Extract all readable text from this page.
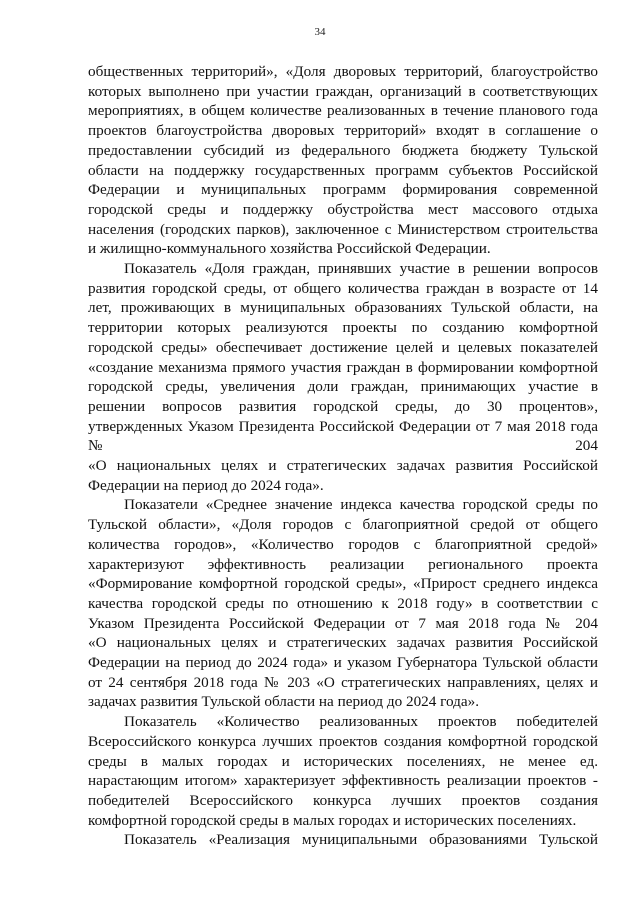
34
общественных территорий», «Доля дворовых территорий, благоустройство
которых выполнено при участии граждан, организаций в соответствующих
мероприятиях, в общем количестве реализованных в течение планового года
проектов благоустройства дворовых территорий» входят в соглашение о
предоставлении субсидий из федерального бюджета бюджету Тульской
области на поддержку государственных программ субъектов Российской
Федерации и муниципальных программ формирования современной
городской среды и поддержку обустройства мест массового отдыха
населения (городских парков), заключенное с Министерством строительства
и жилищно-коммунального хозяйства Российской Федерации.
Показатель «Доля граждан, принявших участие в решении вопросов
развития городской среды, от общего количества граждан в возрасте от 14
лет, проживающих в муниципальных образованиях Тульской области, на
территории которых реализуются проекты по созданию комфортной
городской среды» обеспечивает достижение целей и целевых показателей
«создание механизма прямого участия граждан в формировании комфортной
городской среды, увеличения доли граждан, принимающих участие в
решении вопросов развития городской среды, до 30 процентов»,
утвержденных Указом Президента Российской Федерации от 7 мая 2018 года
№ 204
«О национальных целях и стратегических задачах развития Российской
Федерации на период до 2024 года».
Показатели «Среднее значение индекса качества городской среды по
Тульской области», «Доля городов с благоприятной средой от общего
количества городов», «Количество городов с благоприятной средой»
характеризуют эффективность реализации регионального проекта
«Формирование комфортной городской среды», «Прирост среднего индекса
качества городской среды по отношению к 2018 году» в соответствии с
Указом Президента Российской Федерации от 7 мая 2018 года № 204
«О национальных целях и стратегических задачах развития Российской
Федерации на период до 2024 года» и указом Губернатора Тульской области
от 24 сентября 2018 года № 203 «О стратегических направлениях, целях и
задачах развития Тульской области на период до 2024 года».
Показатель «Количество реализованных проектов победителей
Всероссийского конкурса лучших проектов создания комфортной городской
среды в малых городах и исторических поселениях, не менее ед.
нарастающим итогом» характеризует эффективность реализации проектов -
победителей Всероссийского конкурса лучших проектов создания
комфортной городской среды в малых городах и исторических поселениях.
Показатель «Реализация муниципальными образованиями Тульской
